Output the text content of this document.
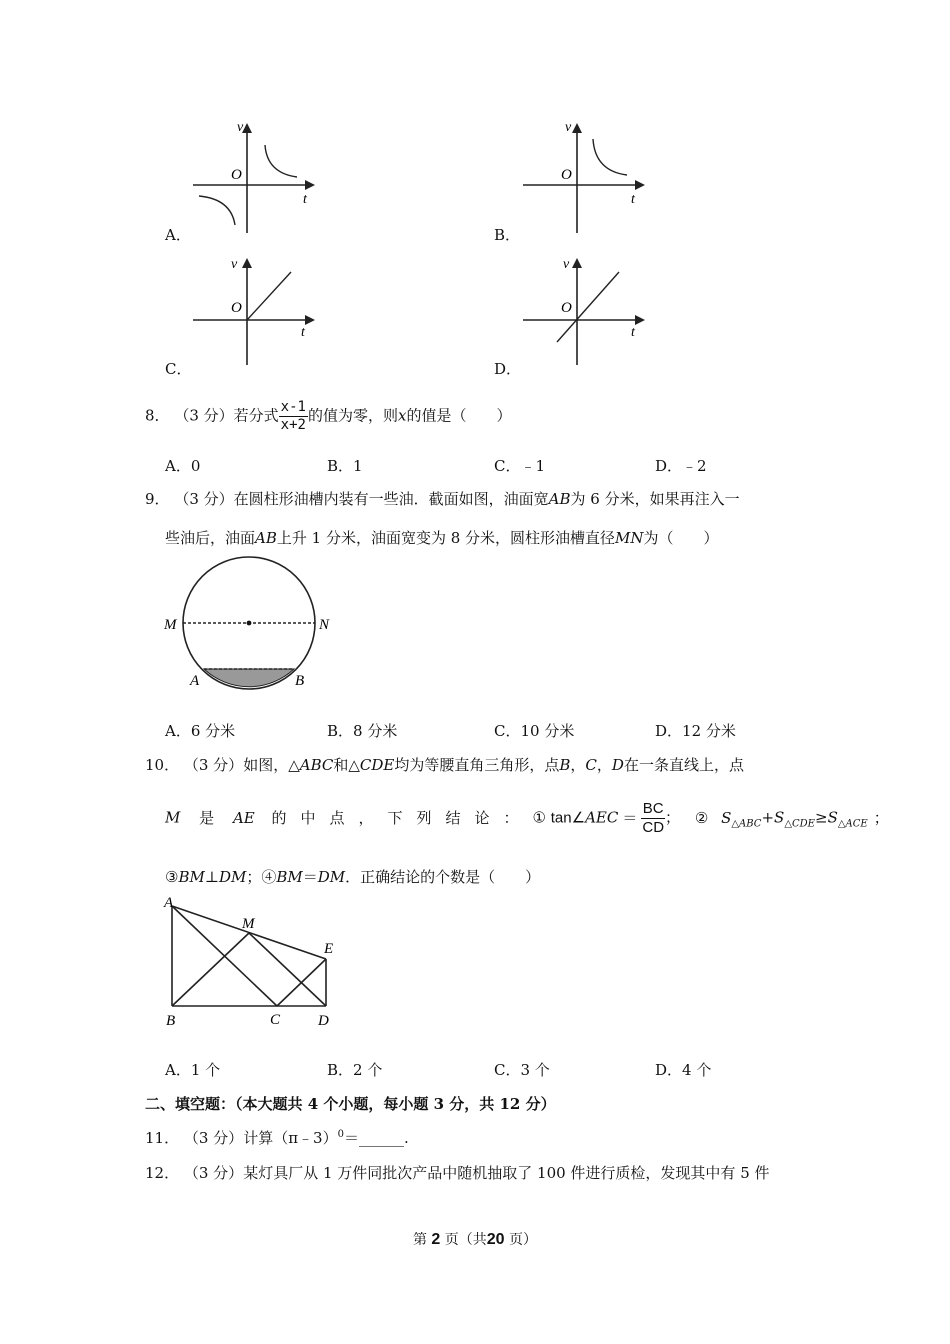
v
t
O
A．
v
t
O
B．
v
t
O
C．
v
t
O
D．
8． （3 分）若分式 $\frac{x-1}{x+2}$ 的值为零，则x的值是（　　）
A．0	B．1	C．﹣1	D．﹣2
9． （3 分）在圆柱形油槽内装有一些油．截面如图，油面宽AB为 6 分米，如果再注入一
些油后，油面AB上升 1 分米，油面宽变为 8 分米，圆柱形油槽直径MN为（　　）
M	N
A	B
A．6 分米	B．8 分米	C．10 分米	D．12 分米
10． （3 分）如图，△ABC和△CDE均为等腰直角三角形，点B，C，D在一条直线上，点
M 是 AE 的中点，下列结论：① tan∠AEC ＝ $\frac{BC}{CD}$ ； ② $S_{\triangle ABC}+S_{\triangle CDE}\ge S_{\triangle ACE}$ ；
③BM⊥DM；④BM＝DM．正确结论的个数是（　　）
A
M
E
B	C	D
A．1 个	B．2 个	C．3 个	D．4 个
二、填空题：（本大题共 4 个小题，每小题 3 分，共 12 分）
11． （3 分）计算（π﹣3）$^0$＝______.
12． （3 分）某灯具厂从 1 万件同批次产品中随机抽取了 100 件进行质检，发现其中有 5 件
第 2 页（共20 页）
